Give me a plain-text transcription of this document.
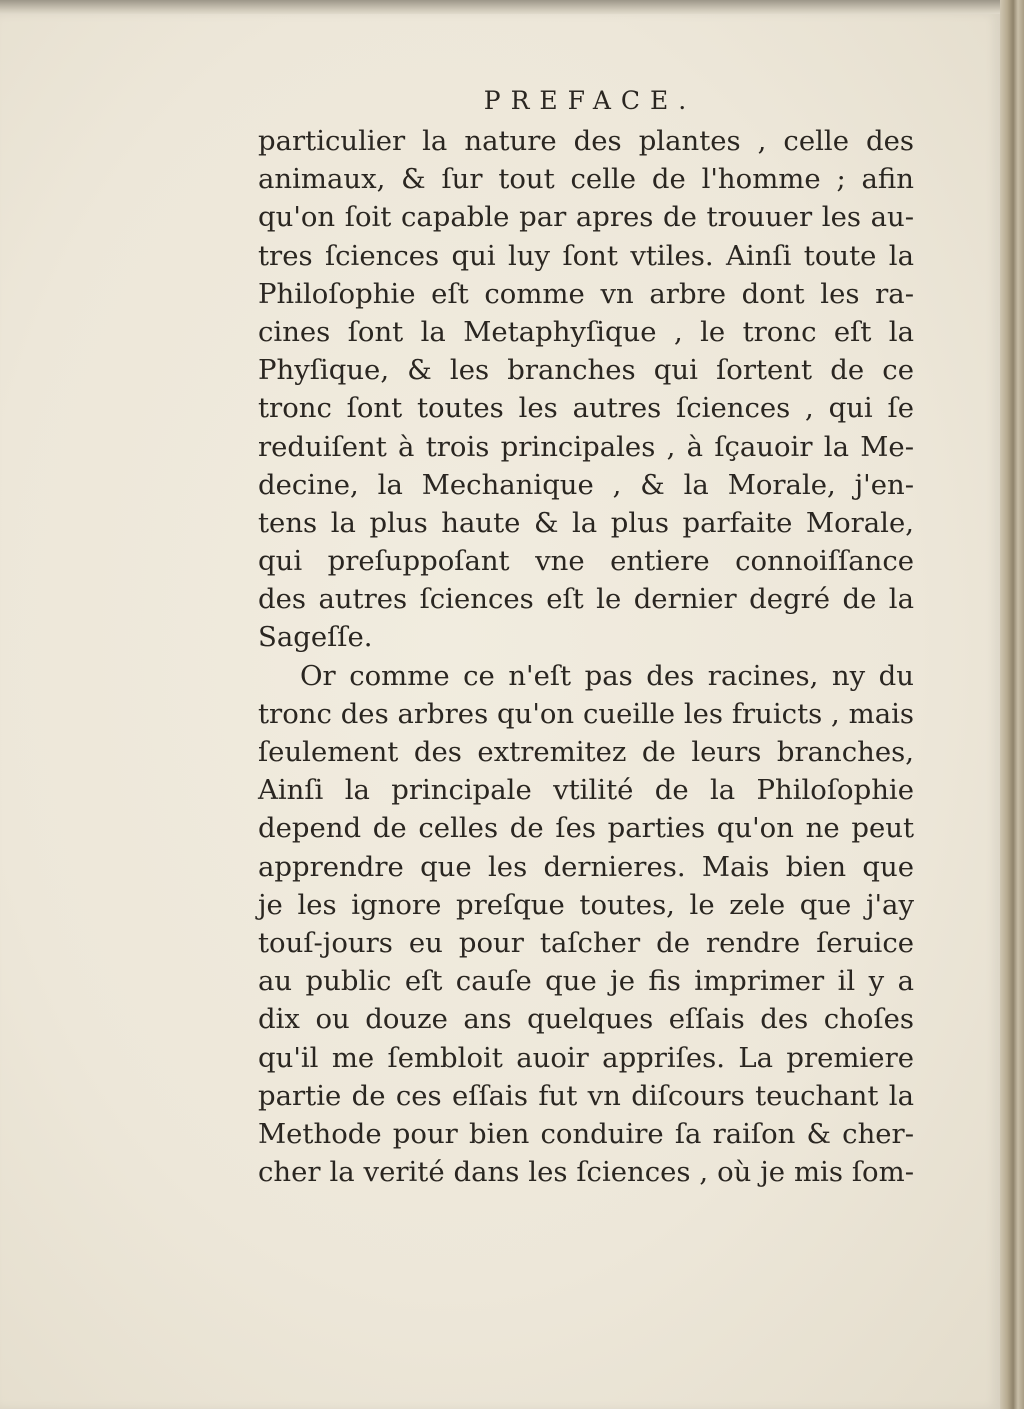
PREFACE.
particulier la nature des plantes , celle des
animaux, & ſur tout celle de l'homme ; afin
qu'on ſoit capable par apres de trouuer les au-
tres ſciences qui luy ſont vtiles. Ainſi toute la
Philoſophie eſt comme vn arbre dont les ra-
cines ſont la Metaphyſique , le tronc eſt la
Phyſique, & les branches qui ſortent de ce
tronc ſont toutes les autres ſciences , qui ſe
reduiſent à trois principales , à ſçauoir la Me-
decine, la Mechanique , & la Morale, j'en-
tens la plus haute & la plus parfaite Morale,
qui preſuppoſant vne entiere connoiſſance
des autres ſciences eſt le dernier degré de la
Sageſſe.
Or comme ce n'eſt pas des racines, ny du
tronc des arbres qu'on cueille les fruicts , mais
ſeulement des extremitez de leurs branches,
Ainſi la principale vtilité de la Philoſophie
depend de celles de ſes parties qu'on ne peut
apprendre que les dernieres. Mais bien que
je les ignore preſque toutes, le zele que j'ay
touſ-jours eu pour taſcher de rendre ſeruice
au public eſt cauſe que je fis imprimer il y a
dix ou douze ans quelques eſſais des choſes
qu'il me ſembloit auoir appriſes. La premiere
partie de ces eſſais fut vn diſcours teuchant la
Methode pour bien conduire ſa raiſon & cher-
cher la verité dans les ſciences , où je mis ſom-
